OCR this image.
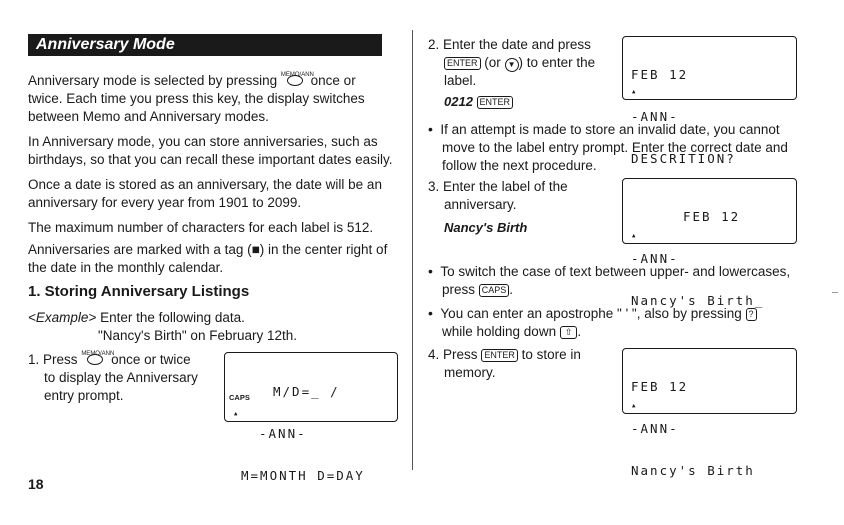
Anniversary Mode
Anniversary mode is selected by pressing MEMO/ANN
once or
twice. Each time you press this key, the display switches
between Memo and Anniversary modes.
In Anniversary mode, you can store anniversaries, such as
birthdays, so that you can recall these important dates easily.
Once a date is stored as an anniversary, the date will be an
anniversary for every year from 1901 to 2099.
The maximum number of characters for each label is 512.
Anniversaries are marked with a tag (■) in the center right of
the date in the monthly calendar.
1. Storing Anniversary Listings
<Example> Enter the following data.
"Nancy's Birth" on February 12th.
1. Press MEMO/ANN
once or twice
to display the Anniversary
entry prompt.

	M/D=_ /

-ANN-

M=MONTH D=DAY

CAPS

▴

18
2. Enter the date and press
ENTER (or ▼ ) to enter the
label.
0212 ENTER

FEB 12

-ANN-

DESCRITION?

▴

• If an attempt is made to store an invalid date, you cannot
move to the label entry prompt. Enter the correct date and
follow the next procedure.
3. Enter the label of the
anniversary.
Nancy's Birth

FEB 12

-ANN-

Nancy's Birth_

▴

• To switch the case of text between upper- and lowercases,
press CAPS .
• You can enter an apostrophe " ' ", also by pressing ?
while holding down ⇧ .
4. Press ENTER to store in
memory.

FEB 12

-ANN-

Nancy's Birth

▴
